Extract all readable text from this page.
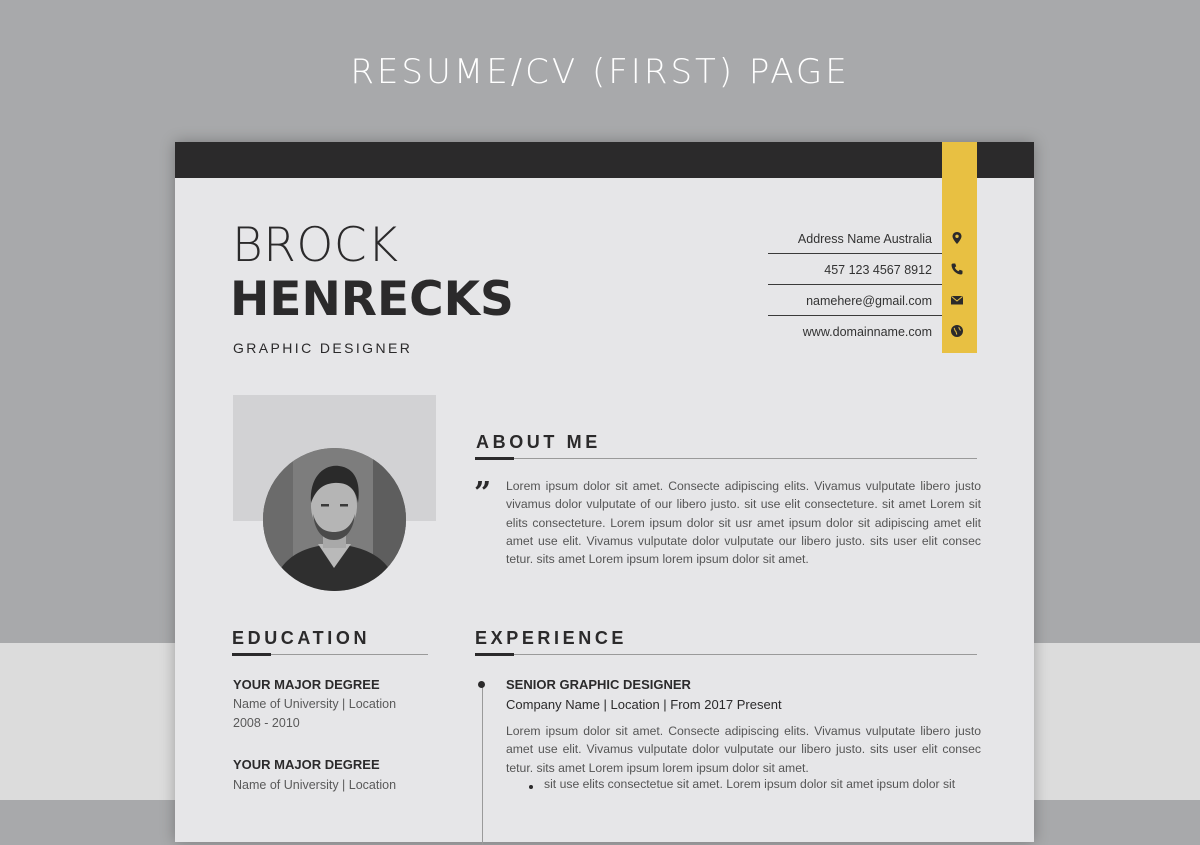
RESUME/CV (FIRST) PAGE
BROCK
HENRECKS
GRAPHIC DESIGNER
Address Name Australia
457 123 4567 8912
namehere@gmail.com
www.domainname.com
ABOUT ME
” Lorem ipsum dolor sit amet. Consecte adipiscing elits. Vivamus vulputate libero justo vivamus dolor vulputate of our libero justo. sit use elit consecteture. sit amet Lorem sit elits consecteture. Lorem ipsum dolor sit usr amet ipsum dolor sit adipiscing amet elit amet use elit. Vivamus vulputate dolor vulputate our libero justo. sits user elit consec tetur. sits amet Lorem ipsum lorem ipsum dolor sit amet.
EDUCATION
YOUR MAJOR DEGREE
Name of University | Location
2008 - 2010
YOUR MAJOR DEGREE
Name of University | Location
EXPERIENCE
SENIOR GRAPHIC DESIGNER
Company Name | Location | From 2017 Present
Lorem ipsum dolor sit amet. Consecte adipiscing elits. Vivamus vulputate libero justo amet use elit. Vivamus vulputate dolor vulputate our libero justo. sits user elit consec tetur. sits amet Lorem ipsum lorem ipsum dolor sit amet.
sit use elits consectetue sit amet. Lorem ipsum dolor sit amet ipsum dolor sit
